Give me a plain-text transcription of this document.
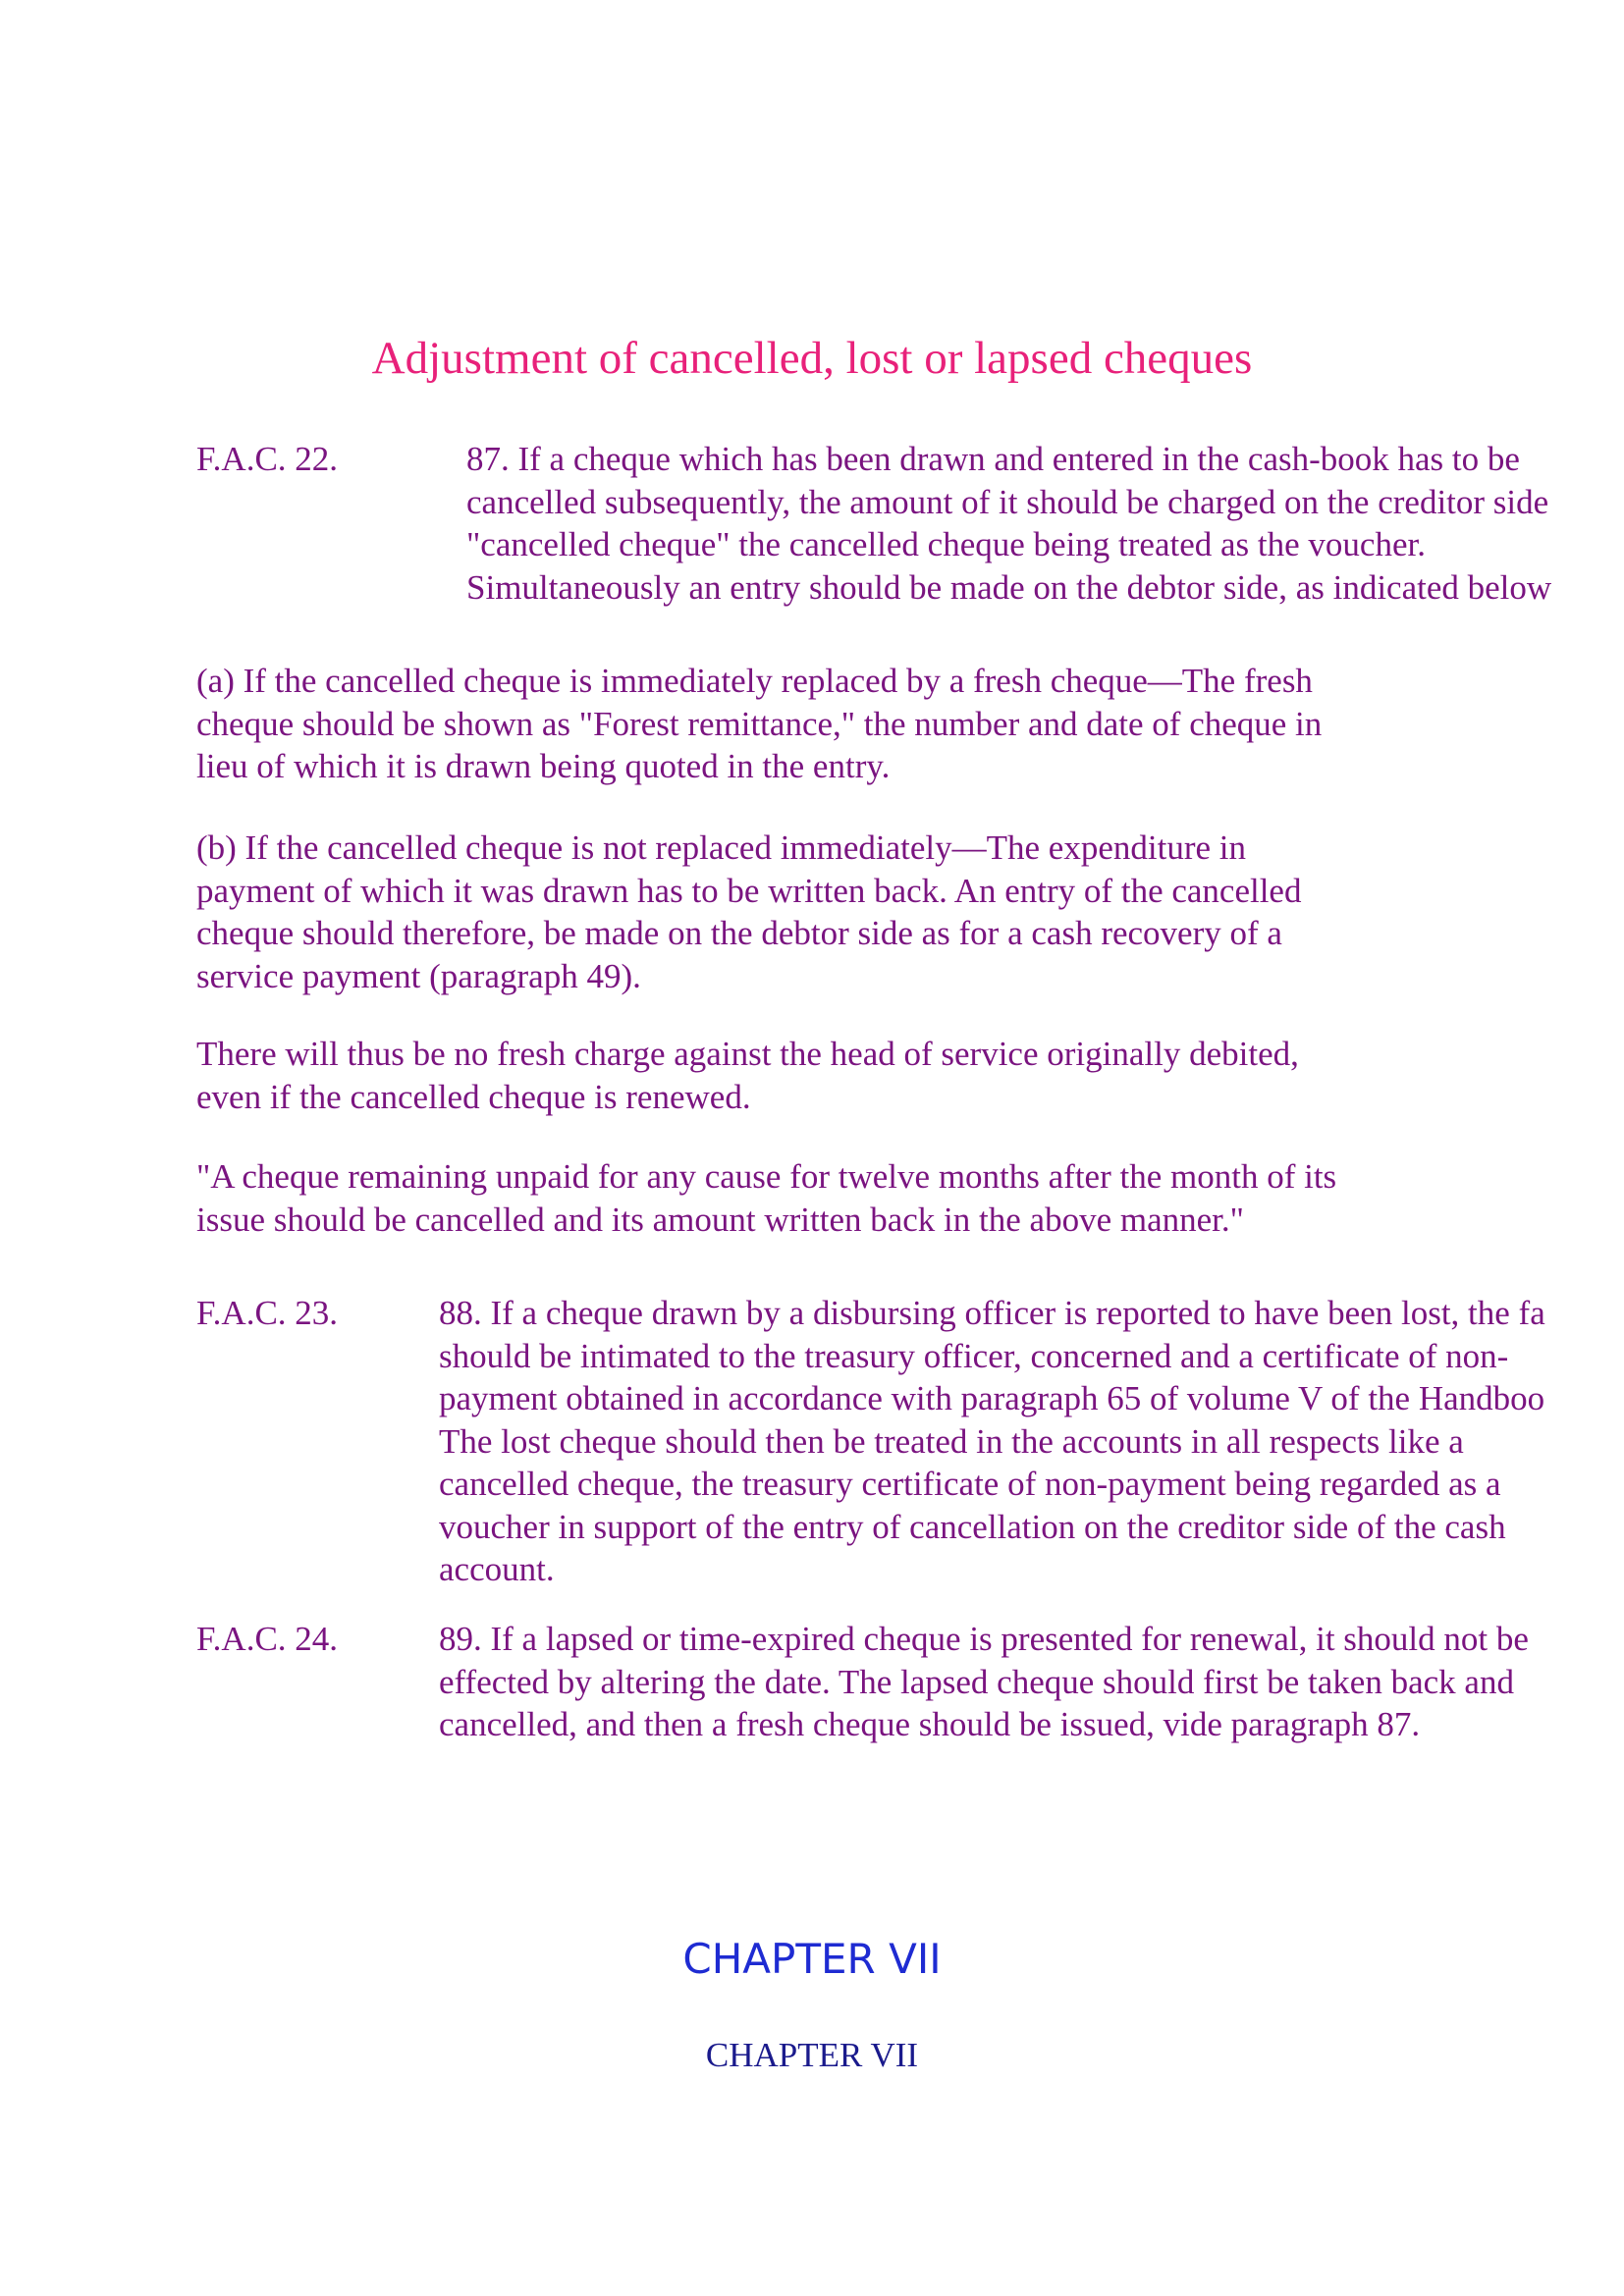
Adjustment of cancelled, lost or lapsed cheques
F.A.C. 22.	87. If a cheque which has been drawn and entered in the cash-book has to be
cancelled subsequently, the amount of it should be charged on the creditor side
"cancelled cheque" the cancelled cheque being treated as the voucher.
Simultaneously an entry should be made on the debtor side, as indicated below
(a) If the cancelled cheque is immediately replaced by a fresh cheque—The fresh
cheque should be shown as "Forest remittance," the number and date of cheque in
lieu of which it is drawn being quoted in the entry.
(b) If the cancelled cheque is not replaced immediately—The expenditure in
payment of which it was drawn has to be written back. An entry of the cancelled
cheque should therefore, be made on the debtor side as for a cash recovery of a
service payment (paragraph 49).
There will thus be no fresh charge against the head of service originally debited,
even if the cancelled cheque is renewed.
"A cheque remaining unpaid for any cause for twelve months after the month of its
issue should be cancelled and its amount written back in the above manner."
F.A.C. 23.	88. If a cheque drawn by a disbursing officer is reported to have been lost, the fa
should be intimated to the treasury officer, concerned and a certificate of non-
payment obtained in accordance with paragraph 65 of volume V of the Handboo
The lost cheque should then be treated in the accounts in all respects like a
cancelled cheque, the treasury certificate of non-payment being regarded as a
voucher in support of the entry of cancellation on the creditor side of the cash
account.
F.A.C. 24.	89. If a lapsed or time-expired cheque is presented for renewal, it should not be
effected by altering the date. The lapsed cheque should first be taken back and
cancelled, and then a fresh cheque should be issued, vide paragraph 87.
CHAPTER VII
CHAPTER VII
